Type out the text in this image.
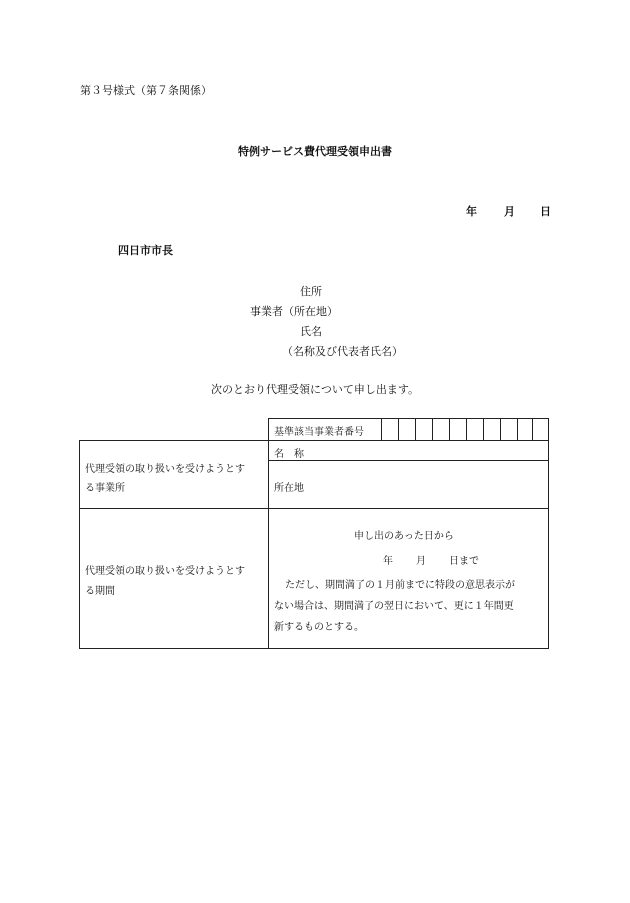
第３号様式（第７条関係）
特例サービス費代理受領申出書
年 月 日
四日市市長
住所
事業者（所在地）
氏名
（名称及び代表者氏名）
次のとおり代理受領について申し出ます。
基準該当事業者番号
代理受領の取り扱いを受けようとす
る事業所
名　称
所在地
代理受領の取り扱いを受けようとす
る期間
申し出のあった日から
年 月 日まで
ただし、期間満了の１月前までに特段の意思表示が
ない場合は、期間満了の翌日において、更に１年間更
新するものとする。
